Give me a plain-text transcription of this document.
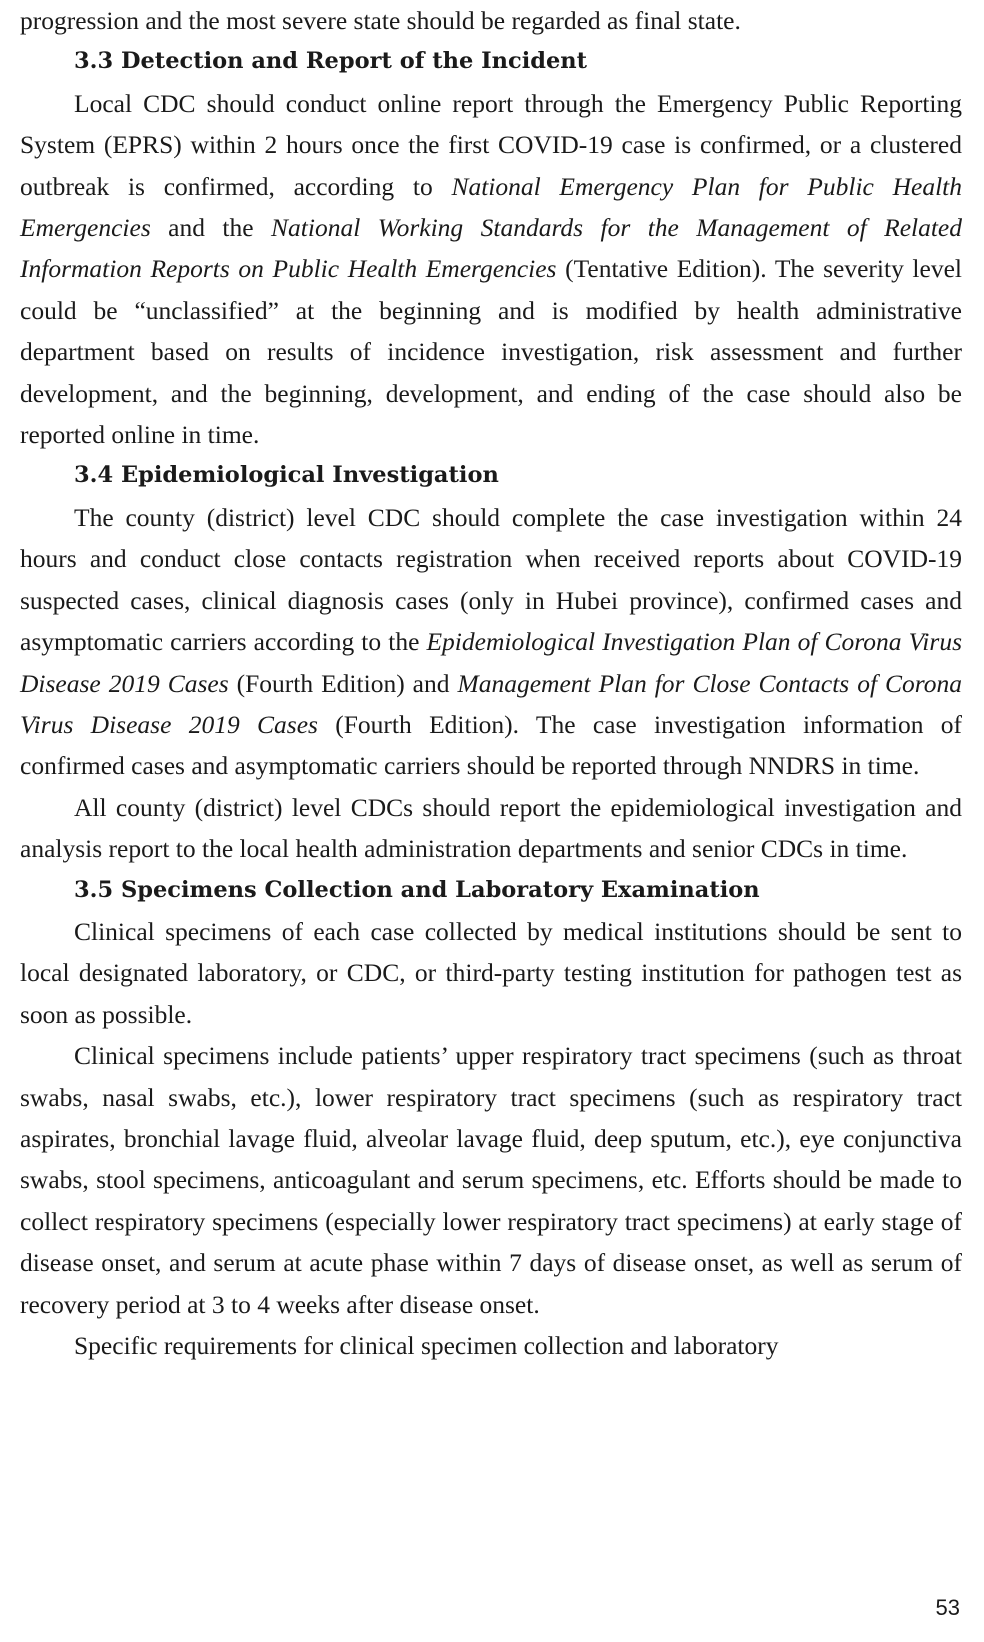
progression and the most severe state should be regarded as final state.

3.3 Detection and Report of the Incident

Local CDC should conduct online report through the Emergency Public Reporting System (EPRS) within 2 hours once the first COVID-19 case is confirmed, or a clustered outbreak is confirmed, according to National Emergency Plan for Public Health Emergencies and the National Working Standards for the Management of Related Information Reports on Public Health Emergencies (Tentative Edition). The severity level could be “unclassified” at the beginning and is modified by health administrative department based on results of incidence investigation, risk assessment and further development, and the beginning, development, and ending of the case should also be reported online in time.

3.4 Epidemiological Investigation

The county (district) level CDC should complete the case investigation within 24 hours and conduct close contacts registration when received reports about COVID-19 suspected cases, clinical diagnosis cases (only in Hubei province), confirmed cases and asymptomatic carriers according to the Epidemiological Investigation Plan of Corona Virus Disease 2019 Cases (Fourth Edition) and Management Plan for Close Contacts of Corona Virus Disease 2019 Cases (Fourth Edition). The case investigation information of confirmed cases and asymptomatic carriers should be reported through NNDRS in time.

All county (district) level CDCs should report the epidemiological investigation and analysis report to the local health administration departments and senior CDCs in time.

3.5 Specimens Collection and Laboratory Examination

Clinical specimens of each case collected by medical institutions should be sent to local designated laboratory, or CDC, or third-party testing institution for pathogen test as soon as possible.

Clinical specimens include patients’ upper respiratory tract specimens (such as throat swabs, nasal swabs, etc.), lower respiratory tract specimens (such as respiratory tract aspirates, bronchial lavage fluid, alveolar lavage fluid, deep sputum, etc.), eye conjunctiva swabs, stool specimens, anticoagulant and serum specimens, etc. Efforts should be made to collect respiratory specimens (especially lower respiratory tract specimens) at early stage of disease onset, and serum at acute phase within 7 days of disease onset, as well as serum of recovery period at 3 to 4 weeks after disease onset.

Specific requirements for clinical specimen collection and laboratory

53
